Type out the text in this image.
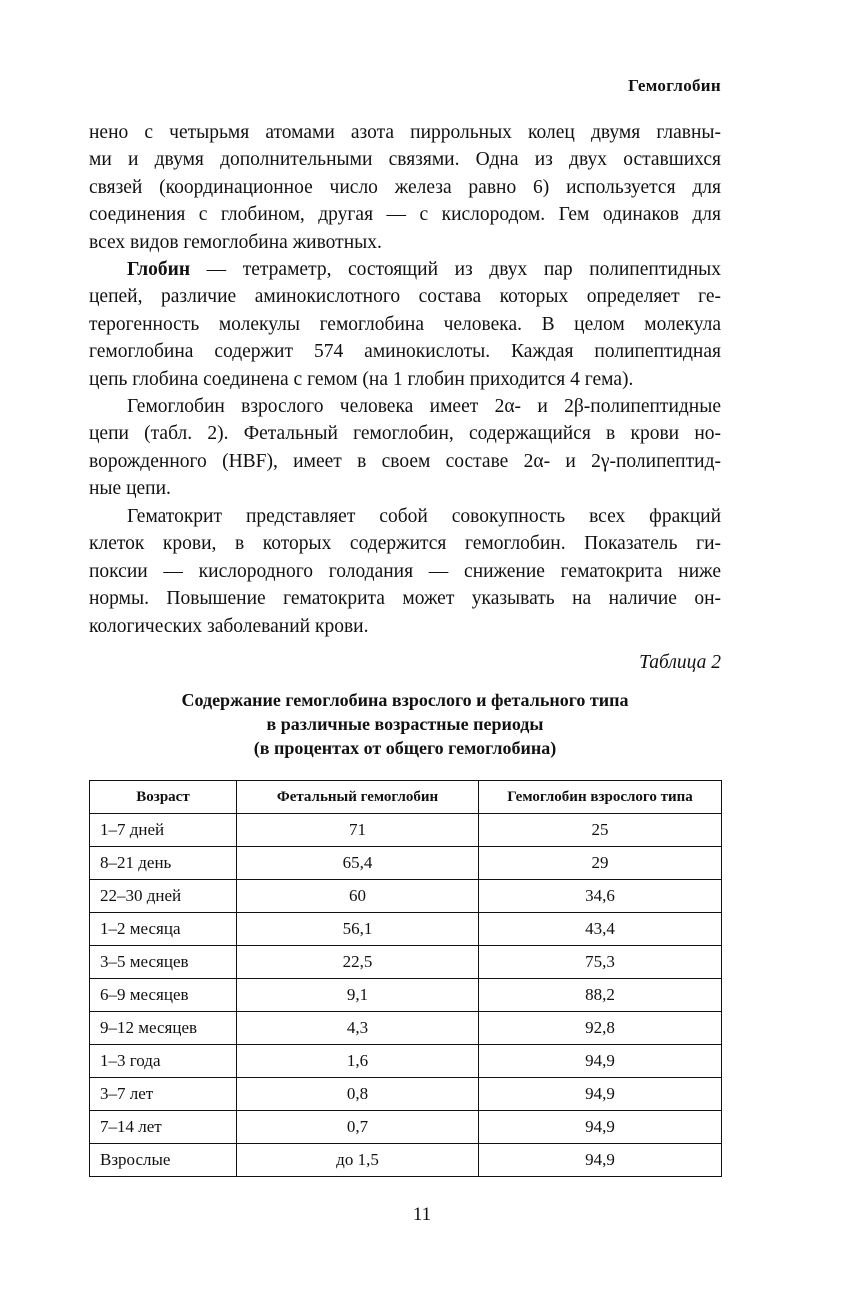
Гемоглобин
нено с четырьмя атомами азота пиррольных колец двумя главны-
ми и двумя дополнительными связями. Одна из двух оставшихся
связей (координационное число железа равно 6) используется для
соединения с глобином, другая — с кислородом. Гем одинаков для
всех видов гемоглобина животных.
Глобин — тетраметр, состоящий из двух пар полипептидных
цепей, различие аминокислотного состава которых определяет ге-
терогенность молекулы гемоглобина человека. В целом молекула
гемоглобина содержит 574 аминокислоты. Каждая полипептидная
цепь глобина соединена с гемом (на 1 глобин приходится 4 гема).
Гемоглобин взрослого человека имеет 2α- и 2β-полипептидные
цепи (табл. 2). Фетальный гемоглобин, содержащийся в крови но-
ворожденного (HBF), имеет в своем составе 2α- и 2γ-полипептид-
ные цепи.
Гематокрит представляет собой совокупность всех фракций
клеток крови, в которых содержится гемоглобин. Показатель ги-
поксии — кислородного голодания — снижение гематокрита ниже
нормы. Повышение гематокрита может указывать на наличие он-
кологических заболеваний крови.
Таблица 2
Содержание гемоглобина взрослого и фетального типа
в различные возрастные периоды
(в процентах от общего гемоглобина)
Возраст	Фетальный гемоглобин	Гемоглобин взрослого типа
1–7 дней	71	25
8–21 день	65,4	29
22–30 дней	60	34,6
1–2 месяца	56,1	43,4
3–5 месяцев	22,5	75,3
6–9 месяцев	9,1	88,2
9–12 месяцев	4,3	92,8
1–3 года	1,6	94,9
3–7 лет	0,8	94,9
7–14 лет	0,7	94,9
Взрослые	до 1,5	94,9
11
